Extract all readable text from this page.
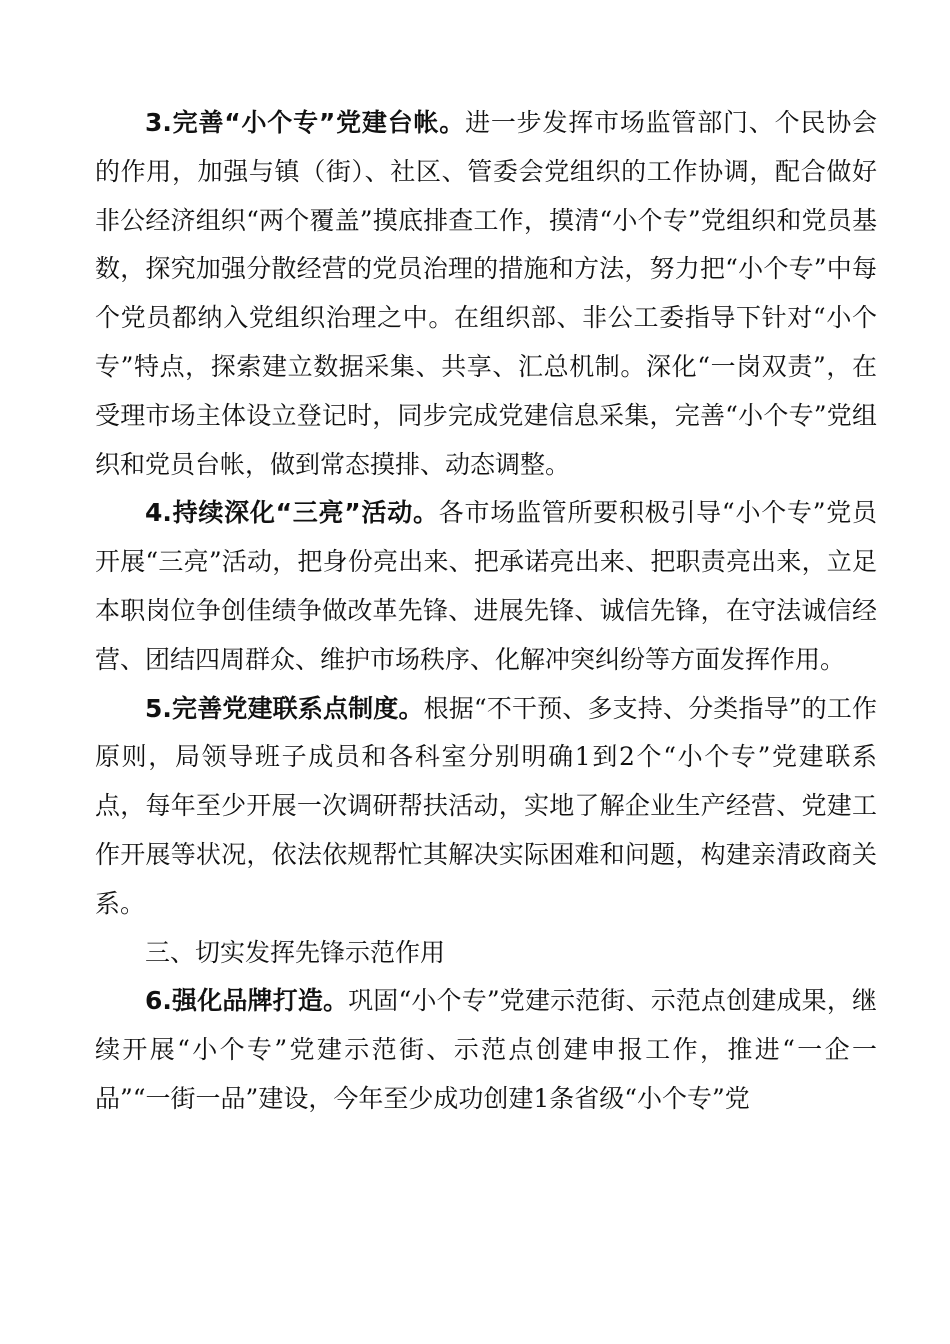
3.完善“小个专”党建台帐。进一步发挥市场监管部门、个民协会的作用，加强与镇（街）、社区、管委会党组织的工作协调，配合做好非公经济组织“两个覆盖”摸底排查工作，摸清“小个专”党组织和党员基数，探究加强分散经营的党员治理的措施和方法，努力把“小个专”中每个党员都纳入党组织治理之中。在组织部、非公工委指导下针对“小个专”特点，探索建立数据采集、共享、汇总机制。深化“一岗双责”，在受理市场主体设立登记时，同步完成党建信息采集，完善“小个专”党组织和党员台帐，做到常态摸排、动态调整。

4.持续深化“三亮”活动。各市场监管所要积极引导“小个专”党员开展“三亮”活动，把身份亮出来、把承诺亮出来、把职责亮出来，立足本职岗位争创佳绩争做改革先锋、进展先锋、诚信先锋，在守法诚信经营、团结四周群众、维护市场秩序、化解冲突纠纷等方面发挥作用。

5.完善党建联系点制度。根据“不干预、多支持、分类指导”的工作原则，局领导班子成员和各科室分别明确1到2个“小个专”党建联系点，每年至少开展一次调研帮扶活动，实地了解企业生产经营、党建工作开展等状况，依法依规帮忙其解决实际困难和问题，构建亲清政商关系。

三、切实发挥先锋示范作用

6.强化品牌打造。巩固“小个专”党建示范街、示范点创建成果，继续开展“小个专”党建示范街、示范点创建申报工作，推进“一企一品”“一街一品”建设，今年至少成功创建1条省级“小个专”党
